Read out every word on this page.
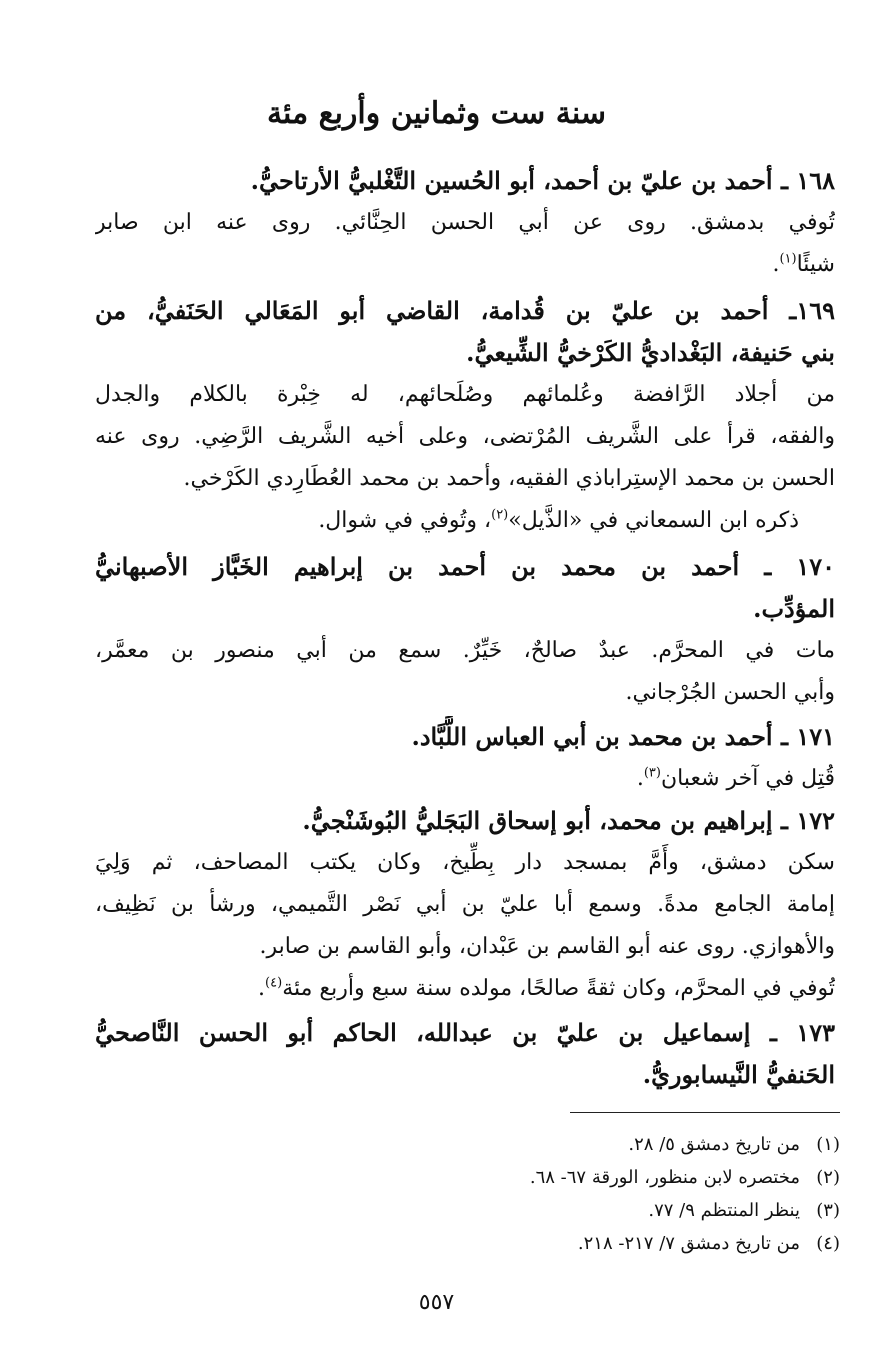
سنة ست وثمانين وأربع مئة
١٦٨ ـ أحمد بن عليّ بن أحمد، أبو الحُسين التَّغْلبيُّ الأرتاحيُّ.
تُوفي بدمشق. روى عن أبي الحسن الحِنَّائي. روى عنه ابن صابر
شيئًا$^{(١)}$.
١٦٩ـ أحمد بن عليّ بن قُدامة، القاضي أبو المَعَالي الحَنَفيُّ، من
بني حَنيفة، البَغْداديُّ الكَرْخيُّ الشِّيعيُّ.
من أجلاد الرَّافضة وعُلمائهم وصُلَحائهم، له خِبْرة بالكلام والجدل
والفقه، قرأ على الشَّريف المُرْتضى، وعلى أخيه الشَّريف الرَّضِي. روى عنه
الحسن بن محمد الإستِراباذي الفقيه، وأحمد بن محمد العُطَارِدي الكَرْخي.
ذكره ابن السمعاني في «الذَّيل»$^{(٢)}$، وتُوفي في شوال.
١٧٠ ـ أحمد بن محمد بن أحمد بن إبراهيم الخَبَّاز الأصبهانيُّ
المؤدِّب.
مات في المحرَّم. عبدٌ صالحٌ، خَيِّرٌ. سمع من أبي منصور بن معمَّر،
وأبي الحسن الجُرْجاني.
١٧١ ـ أحمد بن محمد بن أبي العباس اللَّبَّاد.
قُتِل في آخر شعبان$^{(٣)}$.
١٧٢ ـ إبراهيم بن محمد، أبو إسحاق البَجَليُّ البُوشَنْجيُّ.
سكن دمشق، وأَمَّ بمسجد دار بِطِّيخ، وكان يكتب المصاحف، ثم وَلِيَ
إمامة الجامع مدةً. وسمع أبا عليّ بن أبي نَصْر التَّميمي، ورشأ بن نَظِيف،
والأهوازي. روى عنه أبو القاسم بن عَبْدان، وأبو القاسم بن صابر.
تُوفي في المحرَّم، وكان ثقةً صالحًا، مولده سنة سبع وأربع مئة$^{(٤)}$.
١٧٣ ـ إسماعيل بن عليّ بن عبدالله، الحاكم أبو الحسن النَّاصحيُّ
الحَنفيُّ النَّيسابوريُّ.
(١)من تاريخ دمشق ٥/ ٢٨.
(٢)مختصره لابن منظور، الورقة ٦٧- ٦٨.
(٣)ينظر المنتظم ٩/ ٧٧.
(٤)من تاريخ دمشق ٧/ ٢١٧- ٢١٨.
٥٥٧
